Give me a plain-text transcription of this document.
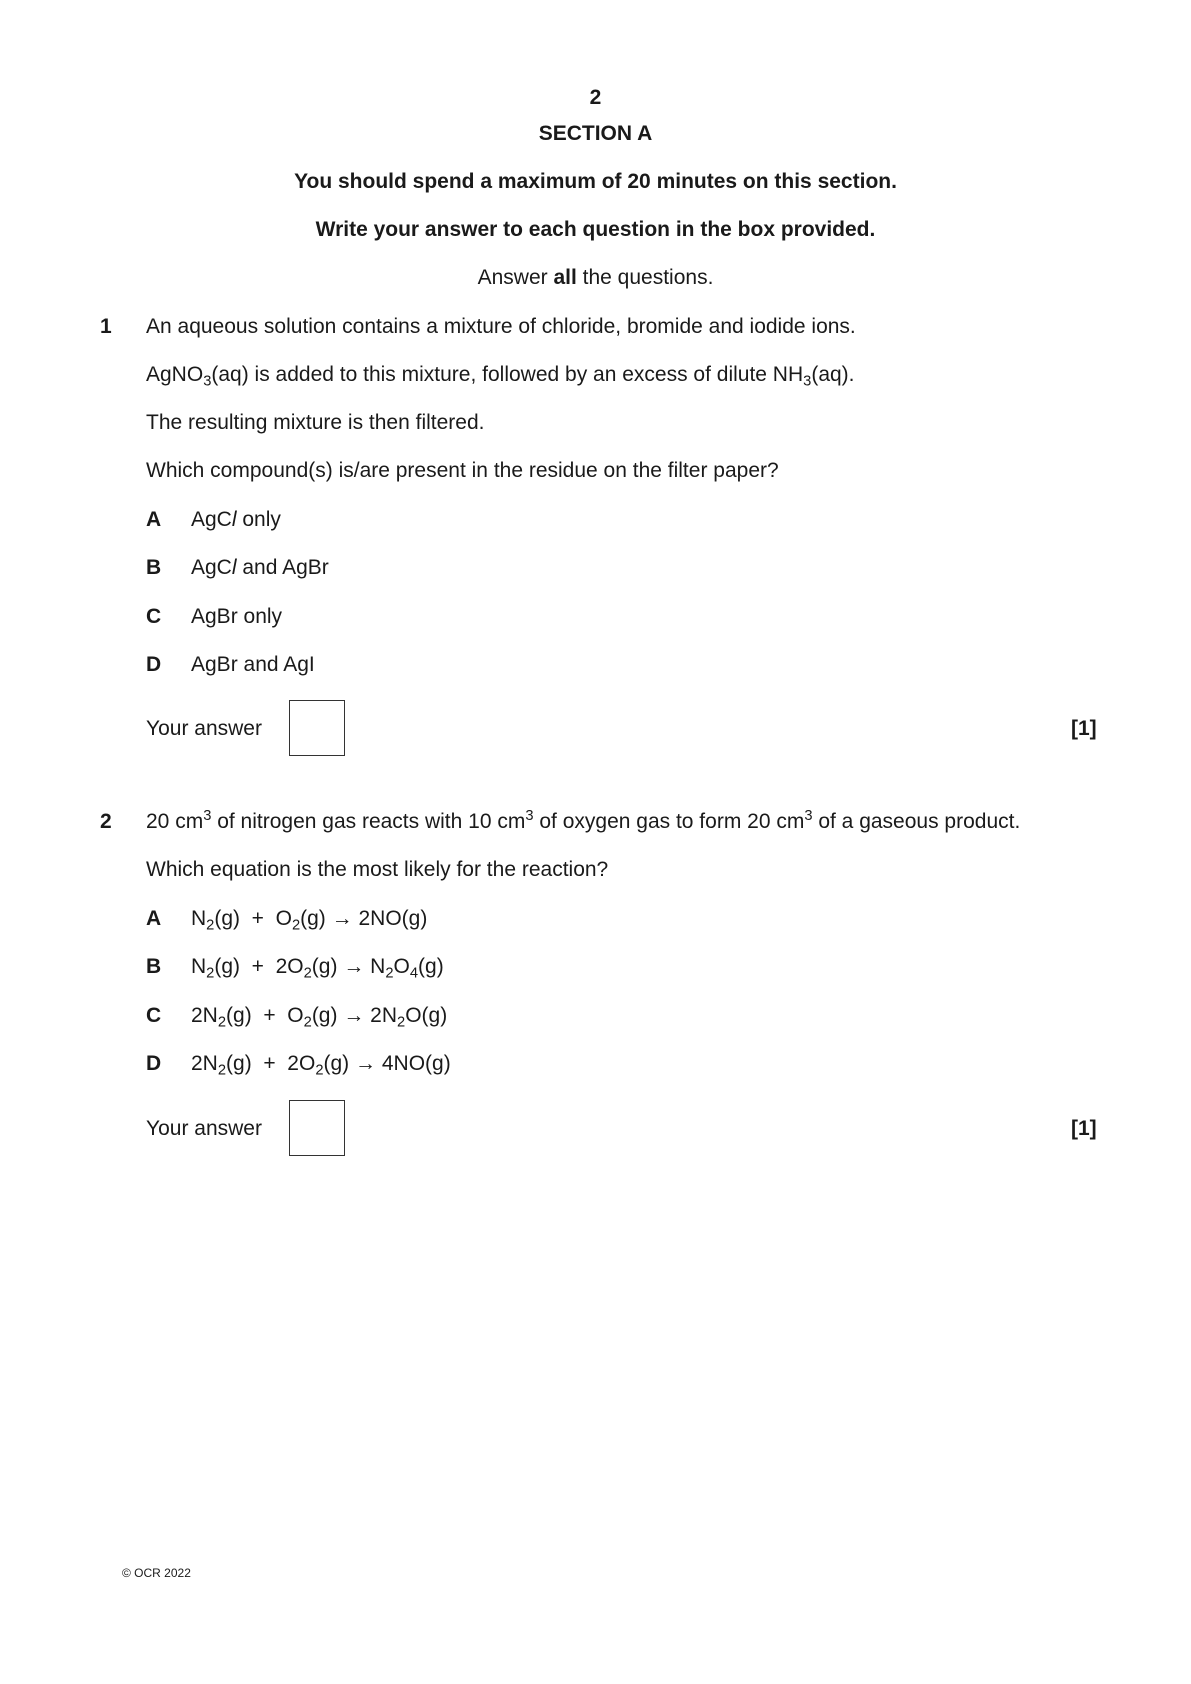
2
SECTION A
You should spend a maximum of 20 minutes on this section.
Write your answer to each question in the box provided.
Answer all the questions.
1 An aqueous solution contains a mixture of chloride, bromide and iodide ions.
AgNO$_3$(aq) is added to this mixture, followed by an excess of dilute $NH_3(aq)$.
The resulting mixture is then filtered.
Which compound(s) is/are present in the residue on the filter paper?
A AgCl only
B AgCl and AgBr
C AgBr only
D AgBr and AgI
Your answer	[1]
2 20 $cm^3$ of nitrogen gas reacts with 10 $cm^3$ of oxygen gas to form 20 $cm^3$ of a gaseous product.
Which equation is the most likely for the reaction?
A $N_2(g) + O_2(g) \to 2NO(g)$
B $N_2(g) + 2O_2(g) \to N_2O_4(g)$
C $2N_2(g) + O_2(g) \to 2N_2O(g)$
D $2N_2(g) + 2O_2(g) \to 4NO(g)$
Your answer	[1]
© OCR 2022
